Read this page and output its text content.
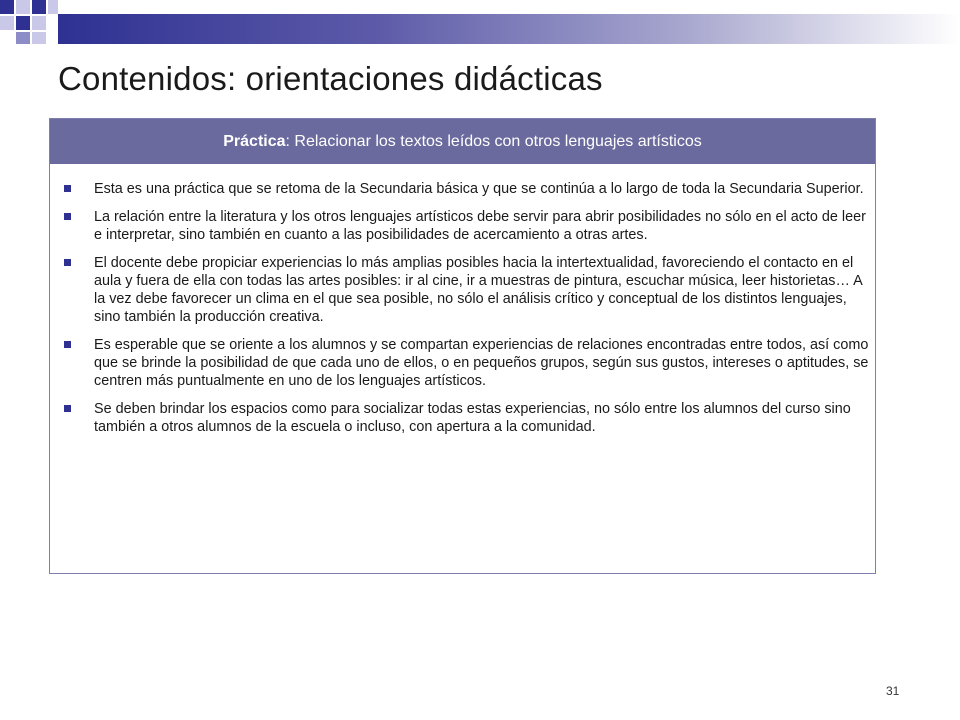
Contenidos: orientaciones didácticas
Práctica : Relacionar los textos leídos con otros lenguajes artísticos
Esta es una práctica que se retoma de la Secundaria básica y que se continúa a lo largo de toda la Secundaria Superior.
La relación entre la literatura y los otros lenguajes artísticos debe servir para abrir posibilidades no sólo en el acto de leer e interpretar, sino también en cuanto a las posibilidades de acercamiento a otras artes.
El docente debe propiciar experiencias lo más amplias posibles hacia la intertextualidad, favoreciendo el contacto en el aula y fuera de ella con todas las artes posibles: ir al cine, ir a muestras de pintura, escuchar música, leer historietas… A la vez debe favorecer un clima en el que sea posible, no sólo el análisis crítico y conceptual de los distintos lenguajes, sino también la producción creativa.
Es esperable que se oriente a los alumnos y se compartan experiencias de relaciones encontradas entre todos, así como que se brinde la posibilidad de que cada uno de ellos, o en pequeños grupos, según sus gustos, intereses o aptitudes, se centren más puntualmente en uno de los lenguajes artísticos.
Se deben brindar los espacios como para socializar todas estas experiencias, no sólo entre los alumnos del curso sino también a otros alumnos de la escuela o incluso, con apertura a la comunidad.
31
